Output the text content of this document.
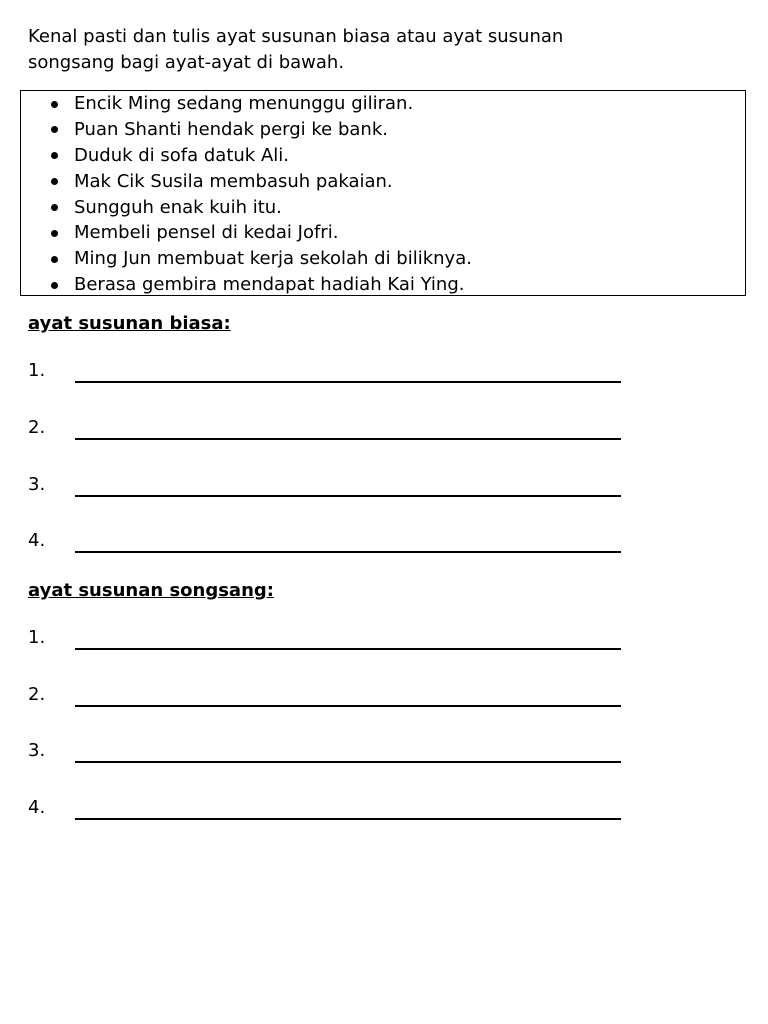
Kenal pasti dan tulis ayat susunan biasa atau ayat susunan

songsang bagi ayat-ayat di bawah.

Encik Ming sedang menunggu giliran.
Puan Shanti hendak pergi ke bank.
Duduk di sofa datuk Ali.
Mak Cik Susila membasuh pakaian.
Sungguh enak kuih itu.
Membeli pensel di kedai Jofri.
Ming Jun membuat kerja sekolah di biliknya.
Berasa gembira mendapat hadiah Kai Ying.
ayat susunan biasa:
1.
2.
3.
4.
ayat susunan songsang:
1.
2.
3.
4.
